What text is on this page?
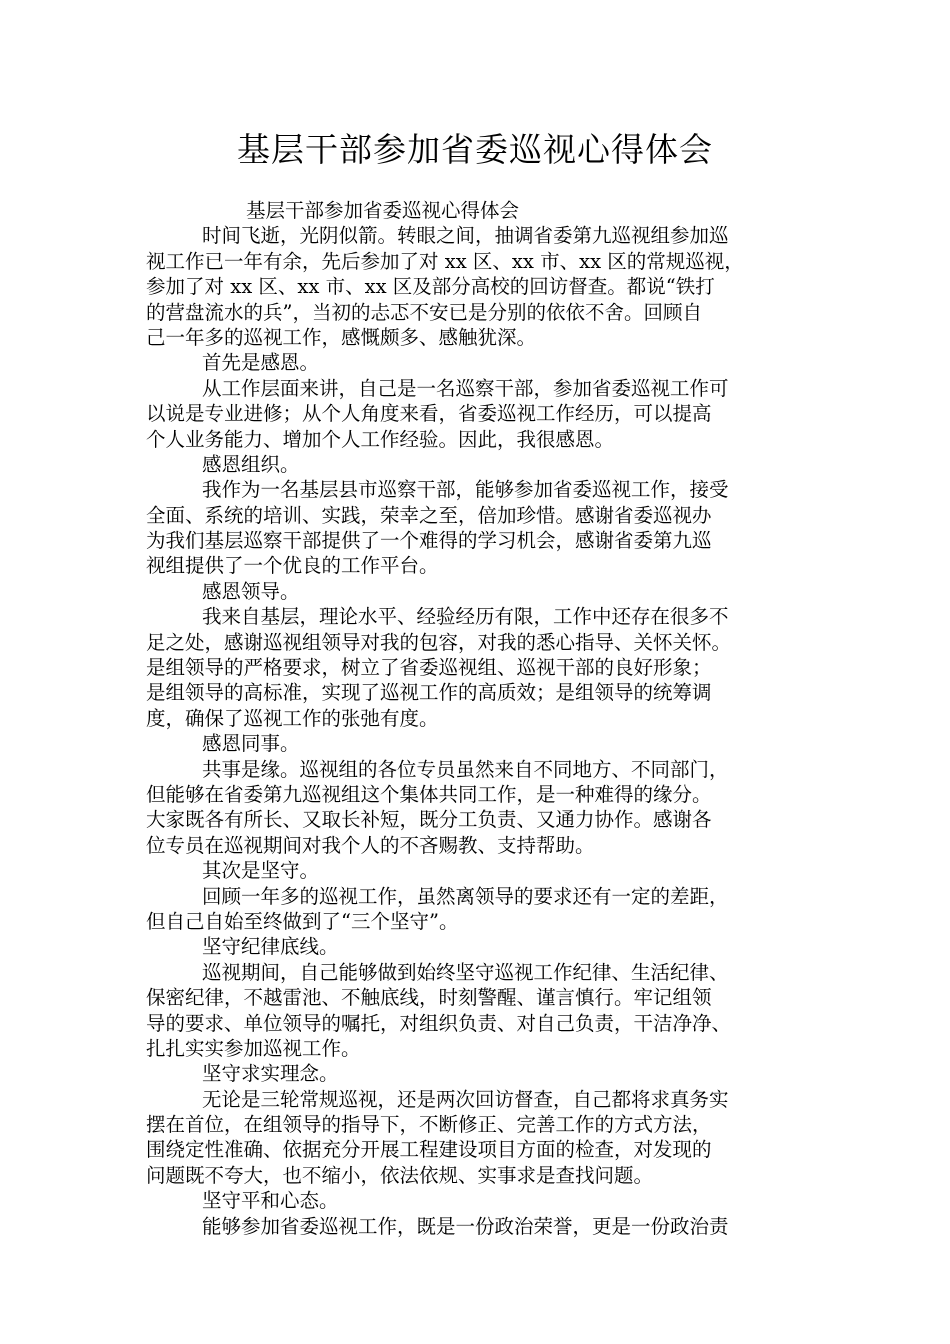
基层干部参加省委巡视心得体会
基层干部参加省委巡视心得体会
时间飞逝，光阴似箭。转眼之间，抽调省委第九巡视组参加巡
视工作已一年有余，先后参加了对 xx 区、xx 市、xx 区的常规巡视，
参加了对 xx 区、xx 市、xx 区及部分高校的回访督查。都说“铁打
的营盘流水的兵”，当初的忐忑不安已是分别的依依不舍。回顾自
己一年多的巡视工作，感慨颇多、感触犹深。
首先是感恩。
从工作层面来讲，自己是一名巡察干部，参加省委巡视工作可
以说是专业进修；从个人角度来看，省委巡视工作经历，可以提高
个人业务能力、增加个人工作经验。因此，我很感恩。
感恩组织。
我作为一名基层县市巡察干部，能够参加省委巡视工作，接受
全面、系统的培训、实践，荣幸之至，倍加珍惜。感谢省委巡视办
为我们基层巡察干部提供了一个难得的学习机会，感谢省委第九巡
视组提供了一个优良的工作平台。
感恩领导。
我来自基层，理论水平、经验经历有限，工作中还存在很多不
足之处，感谢巡视组领导对我的包容，对我的悉心指导、关怀关怀。
是组领导的严格要求，树立了省委巡视组、巡视干部的良好形象；
是组领导的高标准，实现了巡视工作的高质效；是组领导的统筹调
度，确保了巡视工作的张弛有度。
感恩同事。
共事是缘。巡视组的各位专员虽然来自不同地方、不同部门，
但能够在省委第九巡视组这个集体共同工作，是一种难得的缘分。
大家既各有所长、又取长补短，既分工负责、又通力协作。感谢各
位专员在巡视期间对我个人的不吝赐教、支持帮助。
其次是坚守。
回顾一年多的巡视工作，虽然离领导的要求还有一定的差距，
但自己自始至终做到了“三个坚守”。
坚守纪律底线。
巡视期间，自己能够做到始终坚守巡视工作纪律、生活纪律、
保密纪律，不越雷池、不触底线，时刻警醒、谨言慎行。牢记组领
导的要求、单位领导的嘱托，对组织负责、对自己负责，干洁净净、
扎扎实实参加巡视工作。
坚守求实理念。
无论是三轮常规巡视，还是两次回访督查，自己都将求真务实
摆在首位，在组领导的指导下，不断修正、完善工作的方式方法，
围绕定性准确、依据充分开展工程建设项目方面的检查，对发现的
问题既不夸大，也不缩小，依法依规、实事求是查找问题。
坚守平和心态。
能够参加省委巡视工作，既是一份政治荣誉，更是一份政治责
